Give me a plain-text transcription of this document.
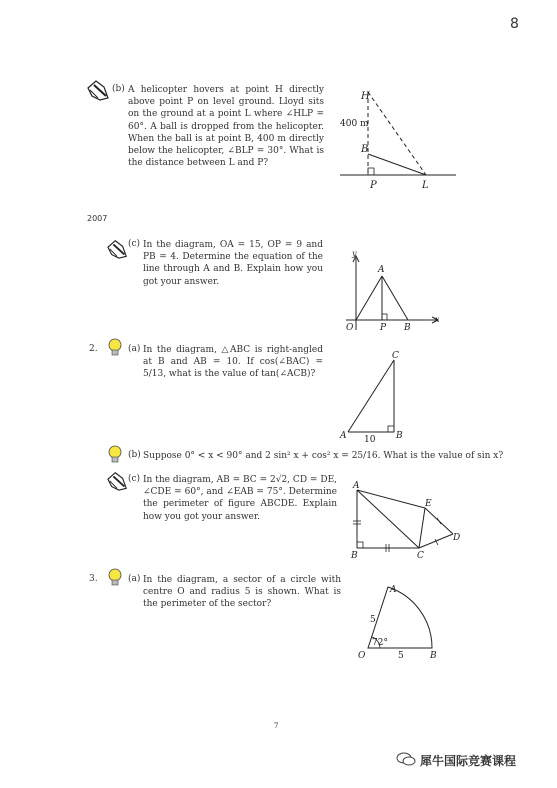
8
(b) A helicopter hovers at point H directly above point P on level ground. Lloyd sits on the ground at a point L where ∠HLP = 60°. A ball is dropped from the helicopter. When the ball is at point B, 400 m directly below the helicopter, ∠BLP = 30°. What is the distance between L and P?
H
B
P	L
400 m
2007
(c) In the diagram, OA = 15, OP = 9 and PB = 4. Determine the equation of the line through A and B. Explain how you got your answer.
y
x
A
O	P B
2.	(a) In the diagram, △ABC is right-angled at B and AB = 10. If cos(∠BAC) = 5/13, what is the value of tan(∠ACB)?
A	B
C
10
(b) Suppose 0° < x < 90° and 2 sin² x + cos² x = 25/16. What is the value of sin x?
(c) In the diagram, AB = BC = 2√2, CD = DE, ∠CDE = 60°, and ∠EAB = 75°. Determine the perimeter of figure ABCDE. Explain how you got your answer.
A
B	C
D
E
3.	(a) In the diagram, a sector of a circle with centre O and radius 5 is shown. What is the perimeter of the sector?
A
O	B
5
5
72°
7
犀牛国际竞赛课程
